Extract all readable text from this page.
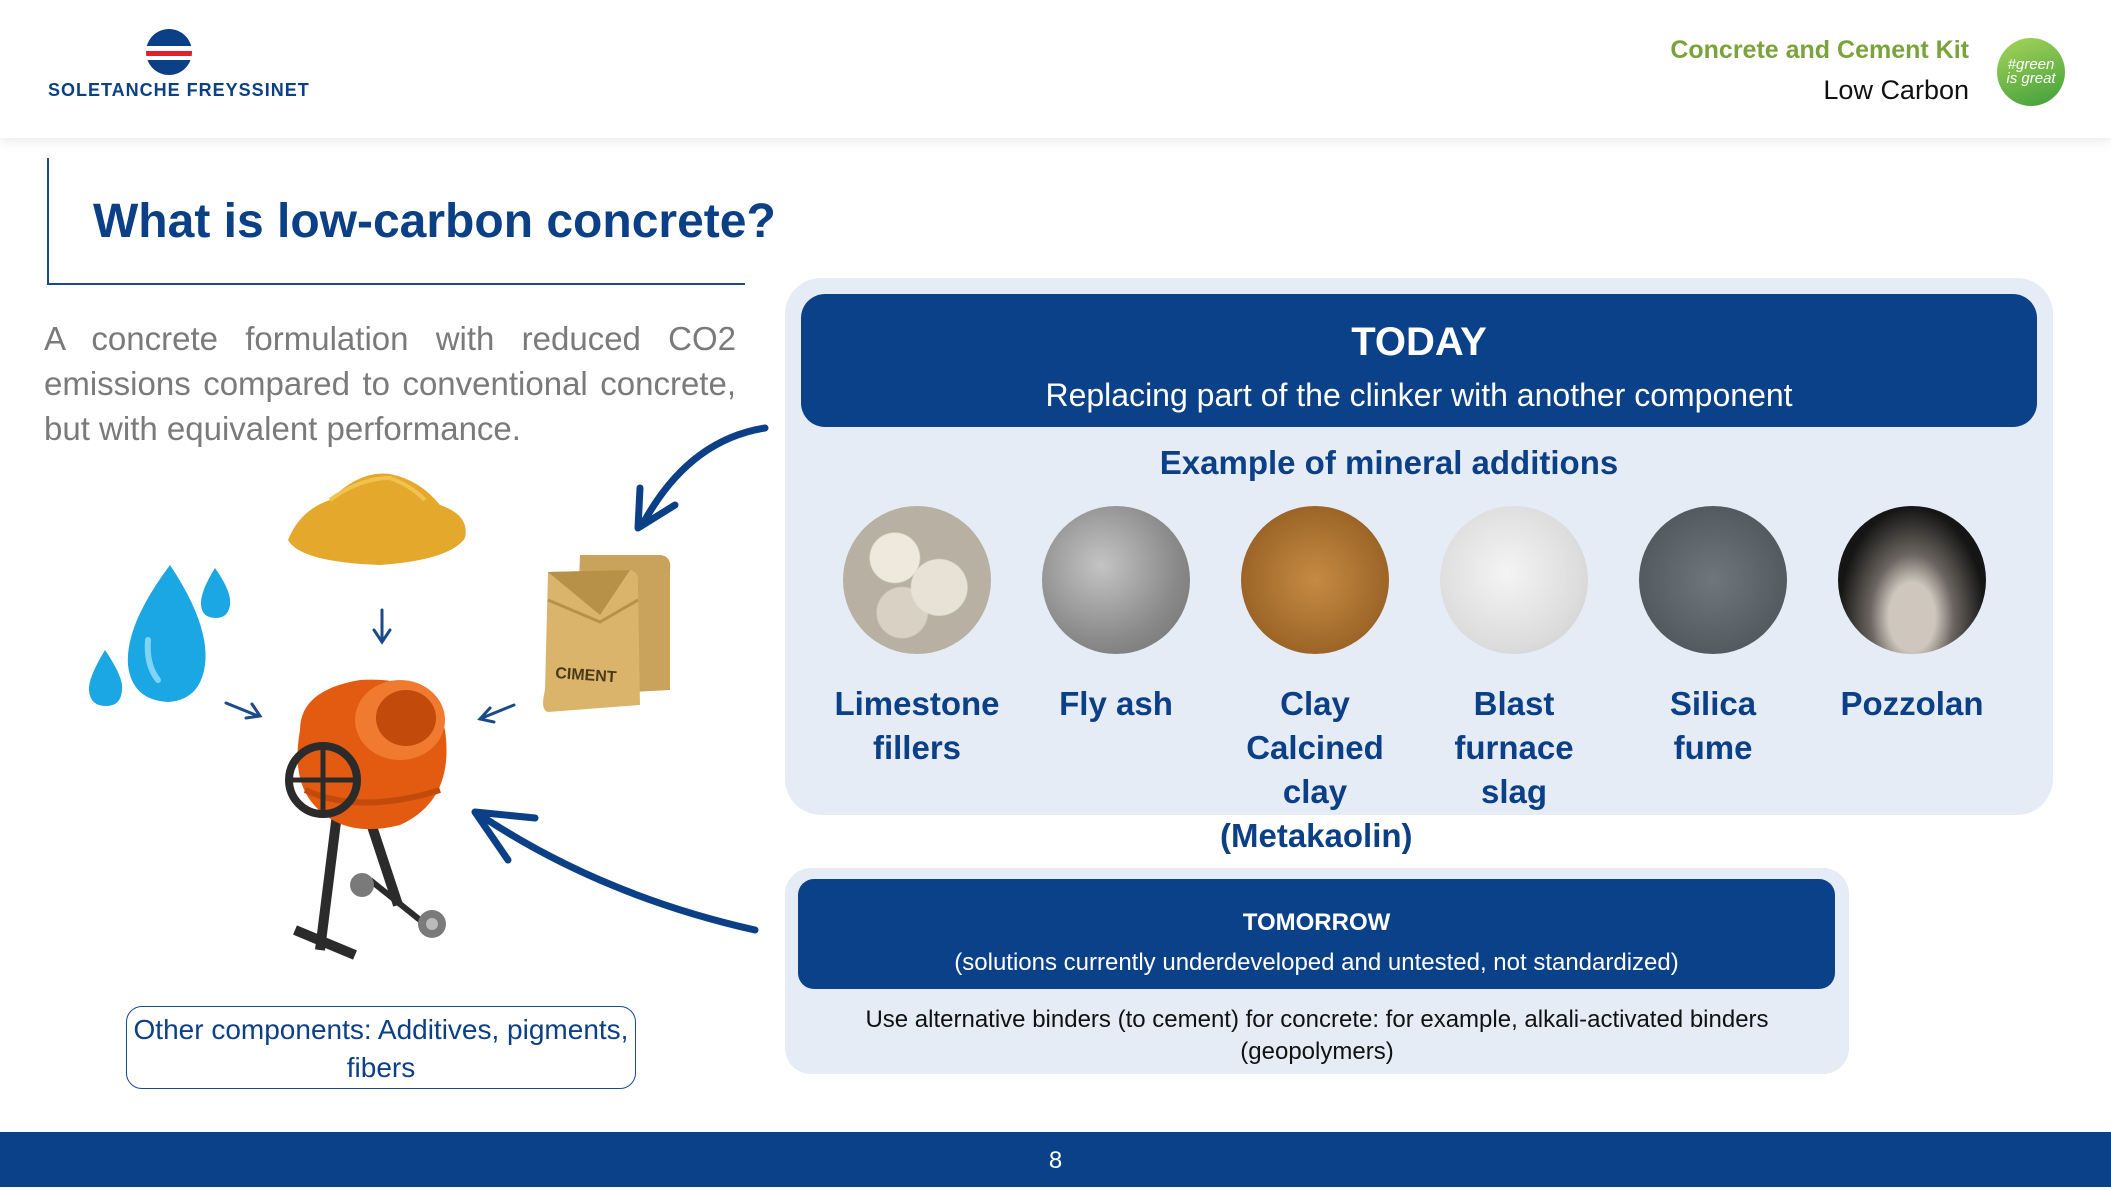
SOLETANCHE FREYSSINET
Concrete and Cement Kit
Low Carbon
#green
is great
What is low-carbon concrete?
A concrete formulation with reduced CO2 emissions compared to conventional concrete, but with equivalent performance.
CIMENT
Other components: Additives, pigments, fibers
TODAY
Replacing part of the clinker with another component
Example of mineral additions
Limestone
fillers
Fly ash	Clay
Calcined clay
(Metakaolin)
Blast
furnace
slag
Silica
fume
Pozzolan
TOMORROW
(solutions currently underdeveloped and untested, not standardized)
Use alternative binders (to cement) for concrete: for example, alkali-activated binders (geopolymers)
8
